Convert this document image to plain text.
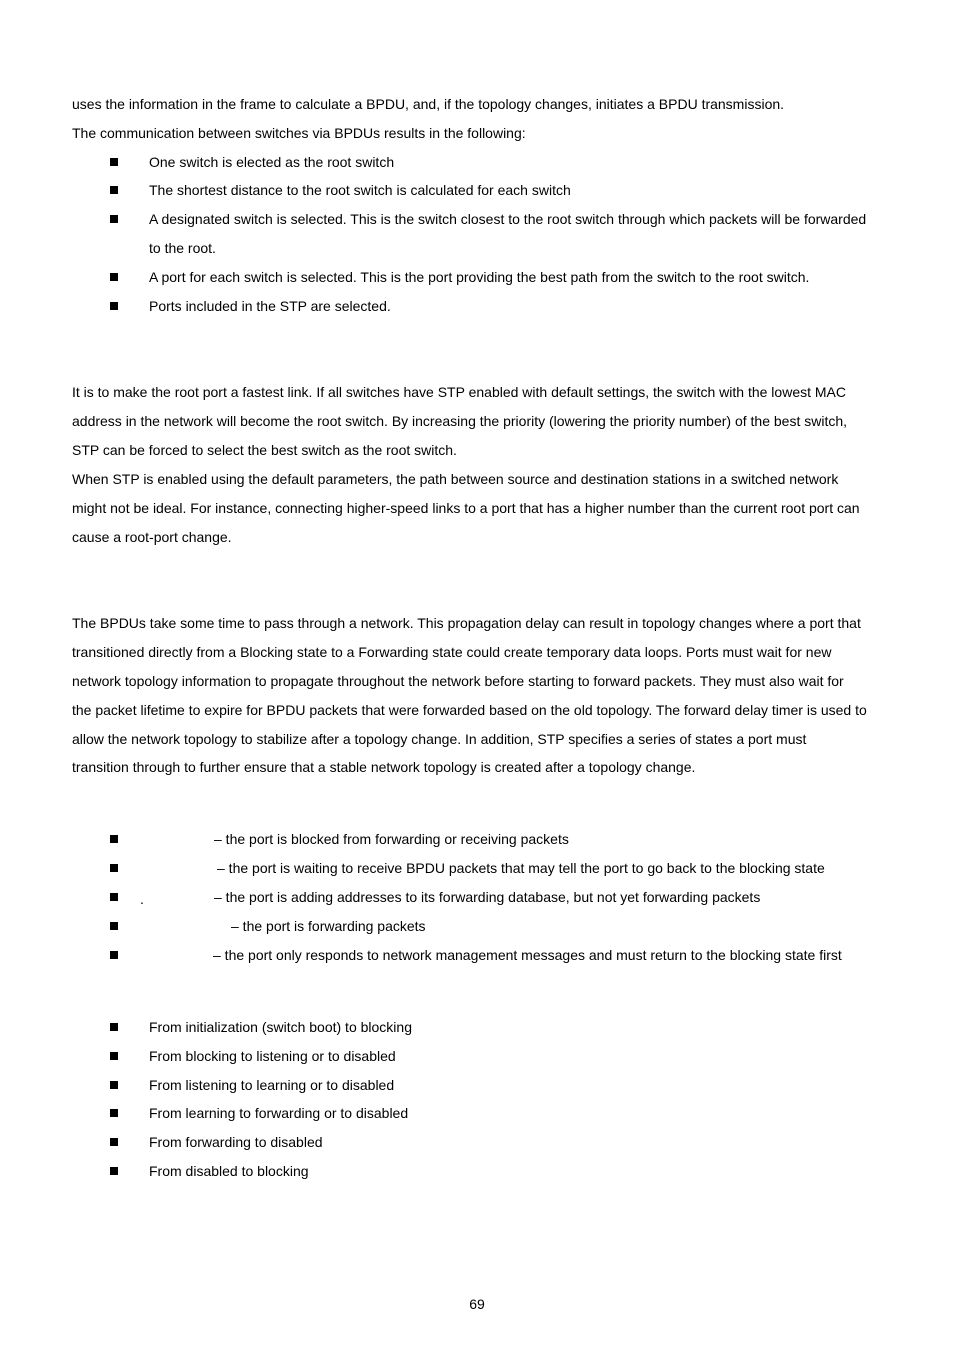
uses the information in the frame to calculate a BPDU, and, if the topology changes, initiates a BPDU transmission.
The communication between switches via BPDUs results in the following:
One switch is elected as the root switch
The shortest distance to the root switch is calculated for each switch
A designated switch is selected. This is the switch closest to the root switch through which packets will be forwarded
to the root.
A port for each switch is selected. This is the port providing the best path from the switch to the root switch.
Ports included in the STP are selected.
It is to make the root port a fastest link. If all switches have STP enabled with default settings, the switch with the lowest MAC
address in the network will become the root switch. By increasing the priority (lowering the priority number) of the best switch,
STP can be forced to select the best switch as the root switch.
When STP is enabled using the default parameters, the path between source and destination stations in a switched network
might not be ideal. For instance, connecting higher-speed links to a port that has a higher number than the current root port can
cause a root-port change.
The BPDUs take some time to pass through a network. This propagation delay can result in topology changes where a port that
transitioned directly from a Blocking state to a Forwarding state could create temporary data loops. Ports must wait for new
network topology information to propagate throughout the network before starting to forward packets. They must also wait for
the packet lifetime to expire for BPDU packets that were forwarded based on the old topology. The forward delay timer is used to
allow the network topology to stabilize after a topology change. In addition, STP specifies a series of states a port must
transition through to further ensure that a stable network topology is created after a topology change.
– the port is blocked from forwarding or receiving packets
– the port is waiting to receive BPDU packets that may tell the port to go back to the blocking state
.	– the port is adding addresses to its forwarding database, but not yet forwarding packets
– the port is forwarding packets
– the port only responds to network management messages and must return to the blocking state first
From initialization (switch boot) to blocking
From blocking to listening or to disabled
From listening to learning or to disabled
From learning to forwarding or to disabled
From forwarding to disabled
From disabled to blocking
69
